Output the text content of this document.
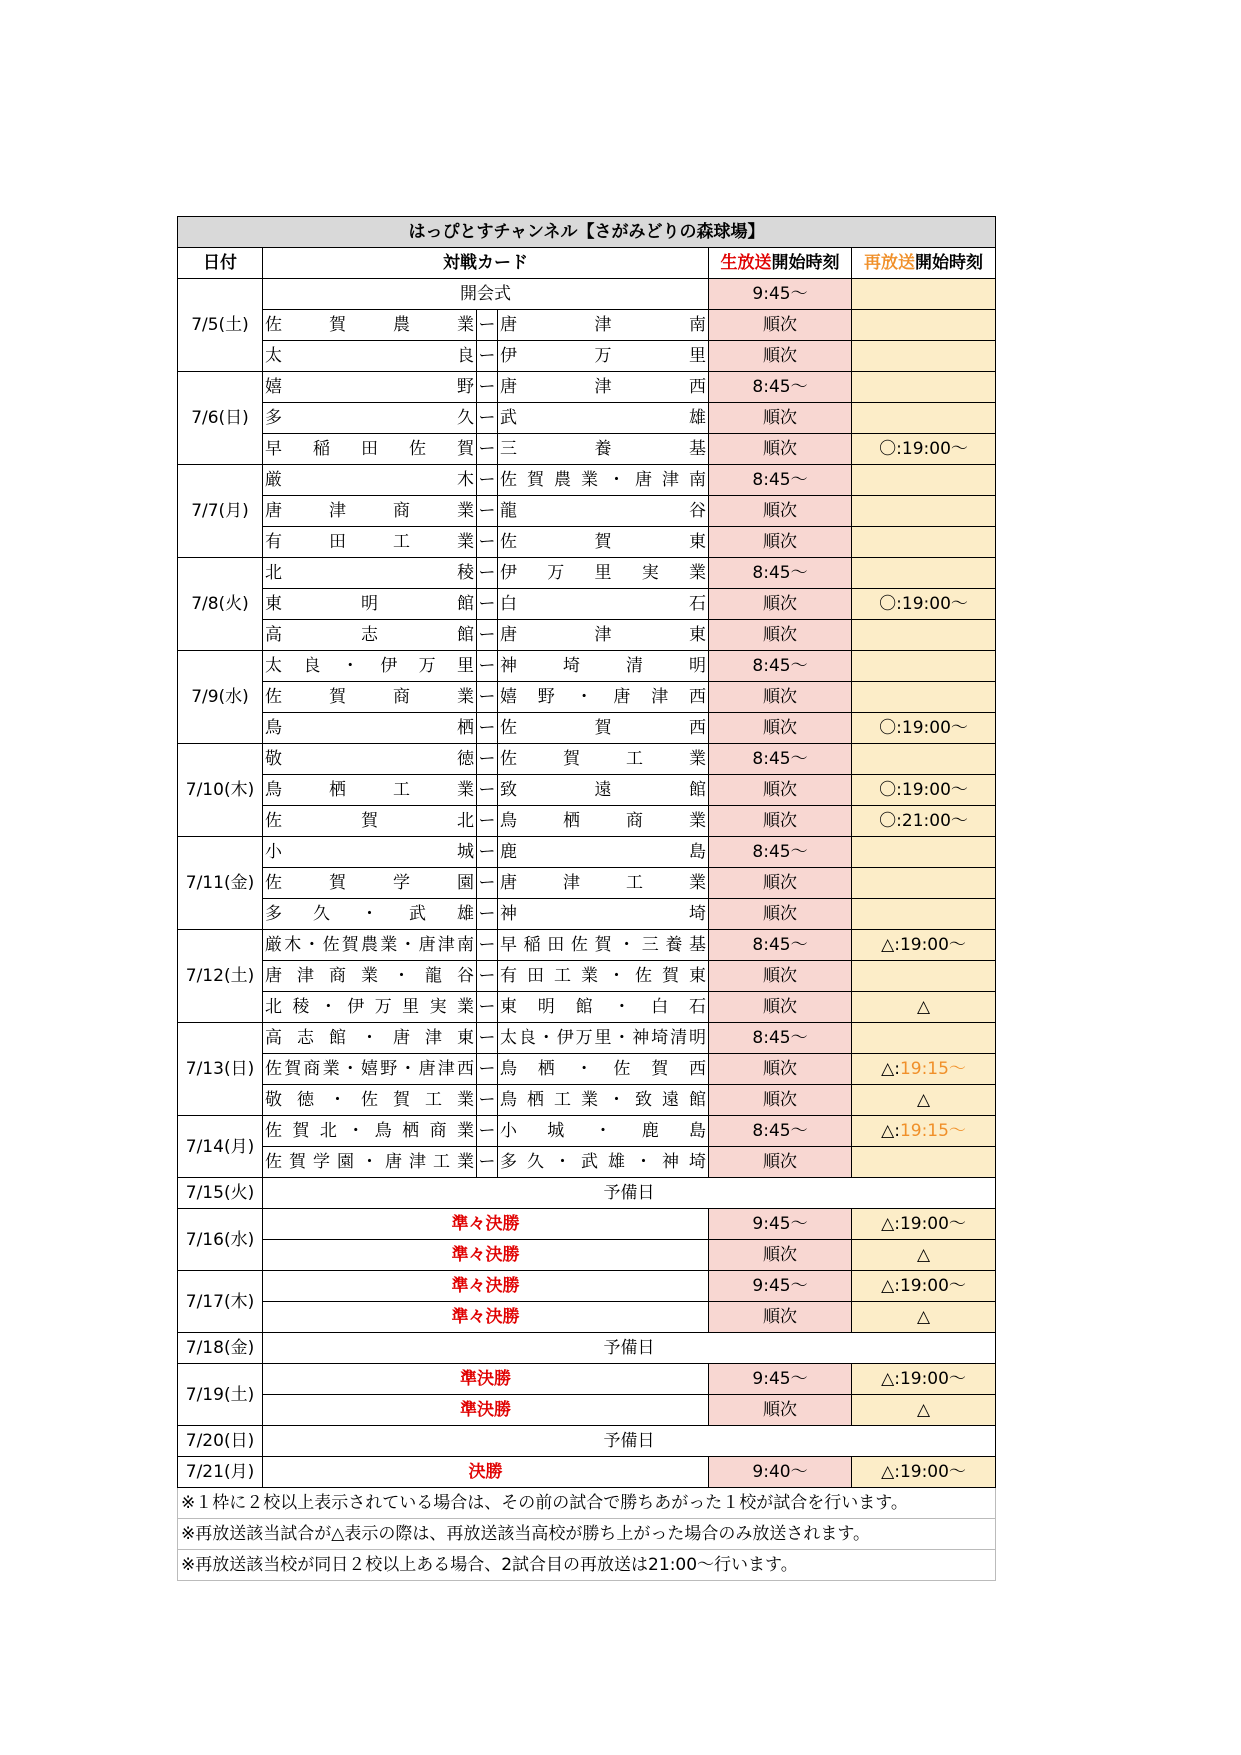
はっぴとすチャンネル【さがみどりの森球場】					
日付	対戦カード			生放送開始時刻	再放送開始時刻
7/5(土)	開会式			9:45～	

	佐賀農業	ー	唐津南	順次	

	太良	ー	伊万里	順次	
7/6(日)	嬉野	ー	唐津西	8:45～	

	多久	ー	武雄	順次	

	早稲田佐賀	ー	三養基	順次	〇:19:00～
7/7(月)	厳木	ー	佐賀農業・唐津南	8:45～	

	唐津商業	ー	龍谷	順次	

	有田工業	ー	佐賀東	順次	
7/8(火)	北稜	ー	伊万里実業	8:45～	

	東明館	ー	白石	順次	〇:19:00～

	高志館	ー	唐津東	順次	
7/9(水)	太良・伊万里	ー	神埼清明	8:45～	

	佐賀商業	ー	嬉野・唐津西	順次	

	鳥栖	ー	佐賀西	順次	〇:19:00～
7/10(木)	敬徳	ー	佐賀工業	8:45～	

	鳥栖工業	ー	致遠館	順次	〇:19:00～

	佐賀北	ー	鳥栖商業	順次	〇:21:00～
7/11(金)	小城	ー	鹿島	8:45～	

	佐賀学園	ー	唐津工業	順次	

	多久・武雄	ー	神埼	順次	
7/12(土)	厳木・佐賀農業・唐津南	ー	早稲田佐賀・三養基	8:45～	△:19:00～

	唐津商業・龍谷	ー	有田工業・佐賀東	順次	

	北稜・伊万里実業	ー	東明館・白石	順次	△
7/13(日)	高志館・唐津東	ー	太良・伊万里・神埼清明	8:45～	

	佐賀商業・嬉野・唐津西	ー	鳥栖・佐賀西	順次	△:19:15～

	敬徳・佐賀工業	ー	鳥栖工業・致遠館	順次	△
7/14(月)	佐賀北・鳥栖商業	ー	小城・鹿島	8:45～	△:19:15～

	佐賀学園・唐津工業	ー	多久・武雄・神埼	順次	
7/15(火)	予備日				
7/16(水)	準々決勝			9:45～	△:19:00～
	準々決勝			順次	△
7/17(木)	準々決勝			9:45～	△:19:00～
	準々決勝			順次	△
7/18(金)	予備日				
7/19(土)	準決勝			9:45～	△:19:00～
	準決勝			順次	△
7/20(日)	予備日				
7/21(月)	決勝			9:40～	△:19:00～
※１枠に２校以上表示されている場合は、その前の試合で勝ちあがった１校が試合を行います。					
※再放送該当試合が△表示の際は、再放送該当高校が勝ち上がった場合のみ放送されます。					
※再放送該当校が同日２校以上ある場合、2試合目の再放送は21:00～行います。					
